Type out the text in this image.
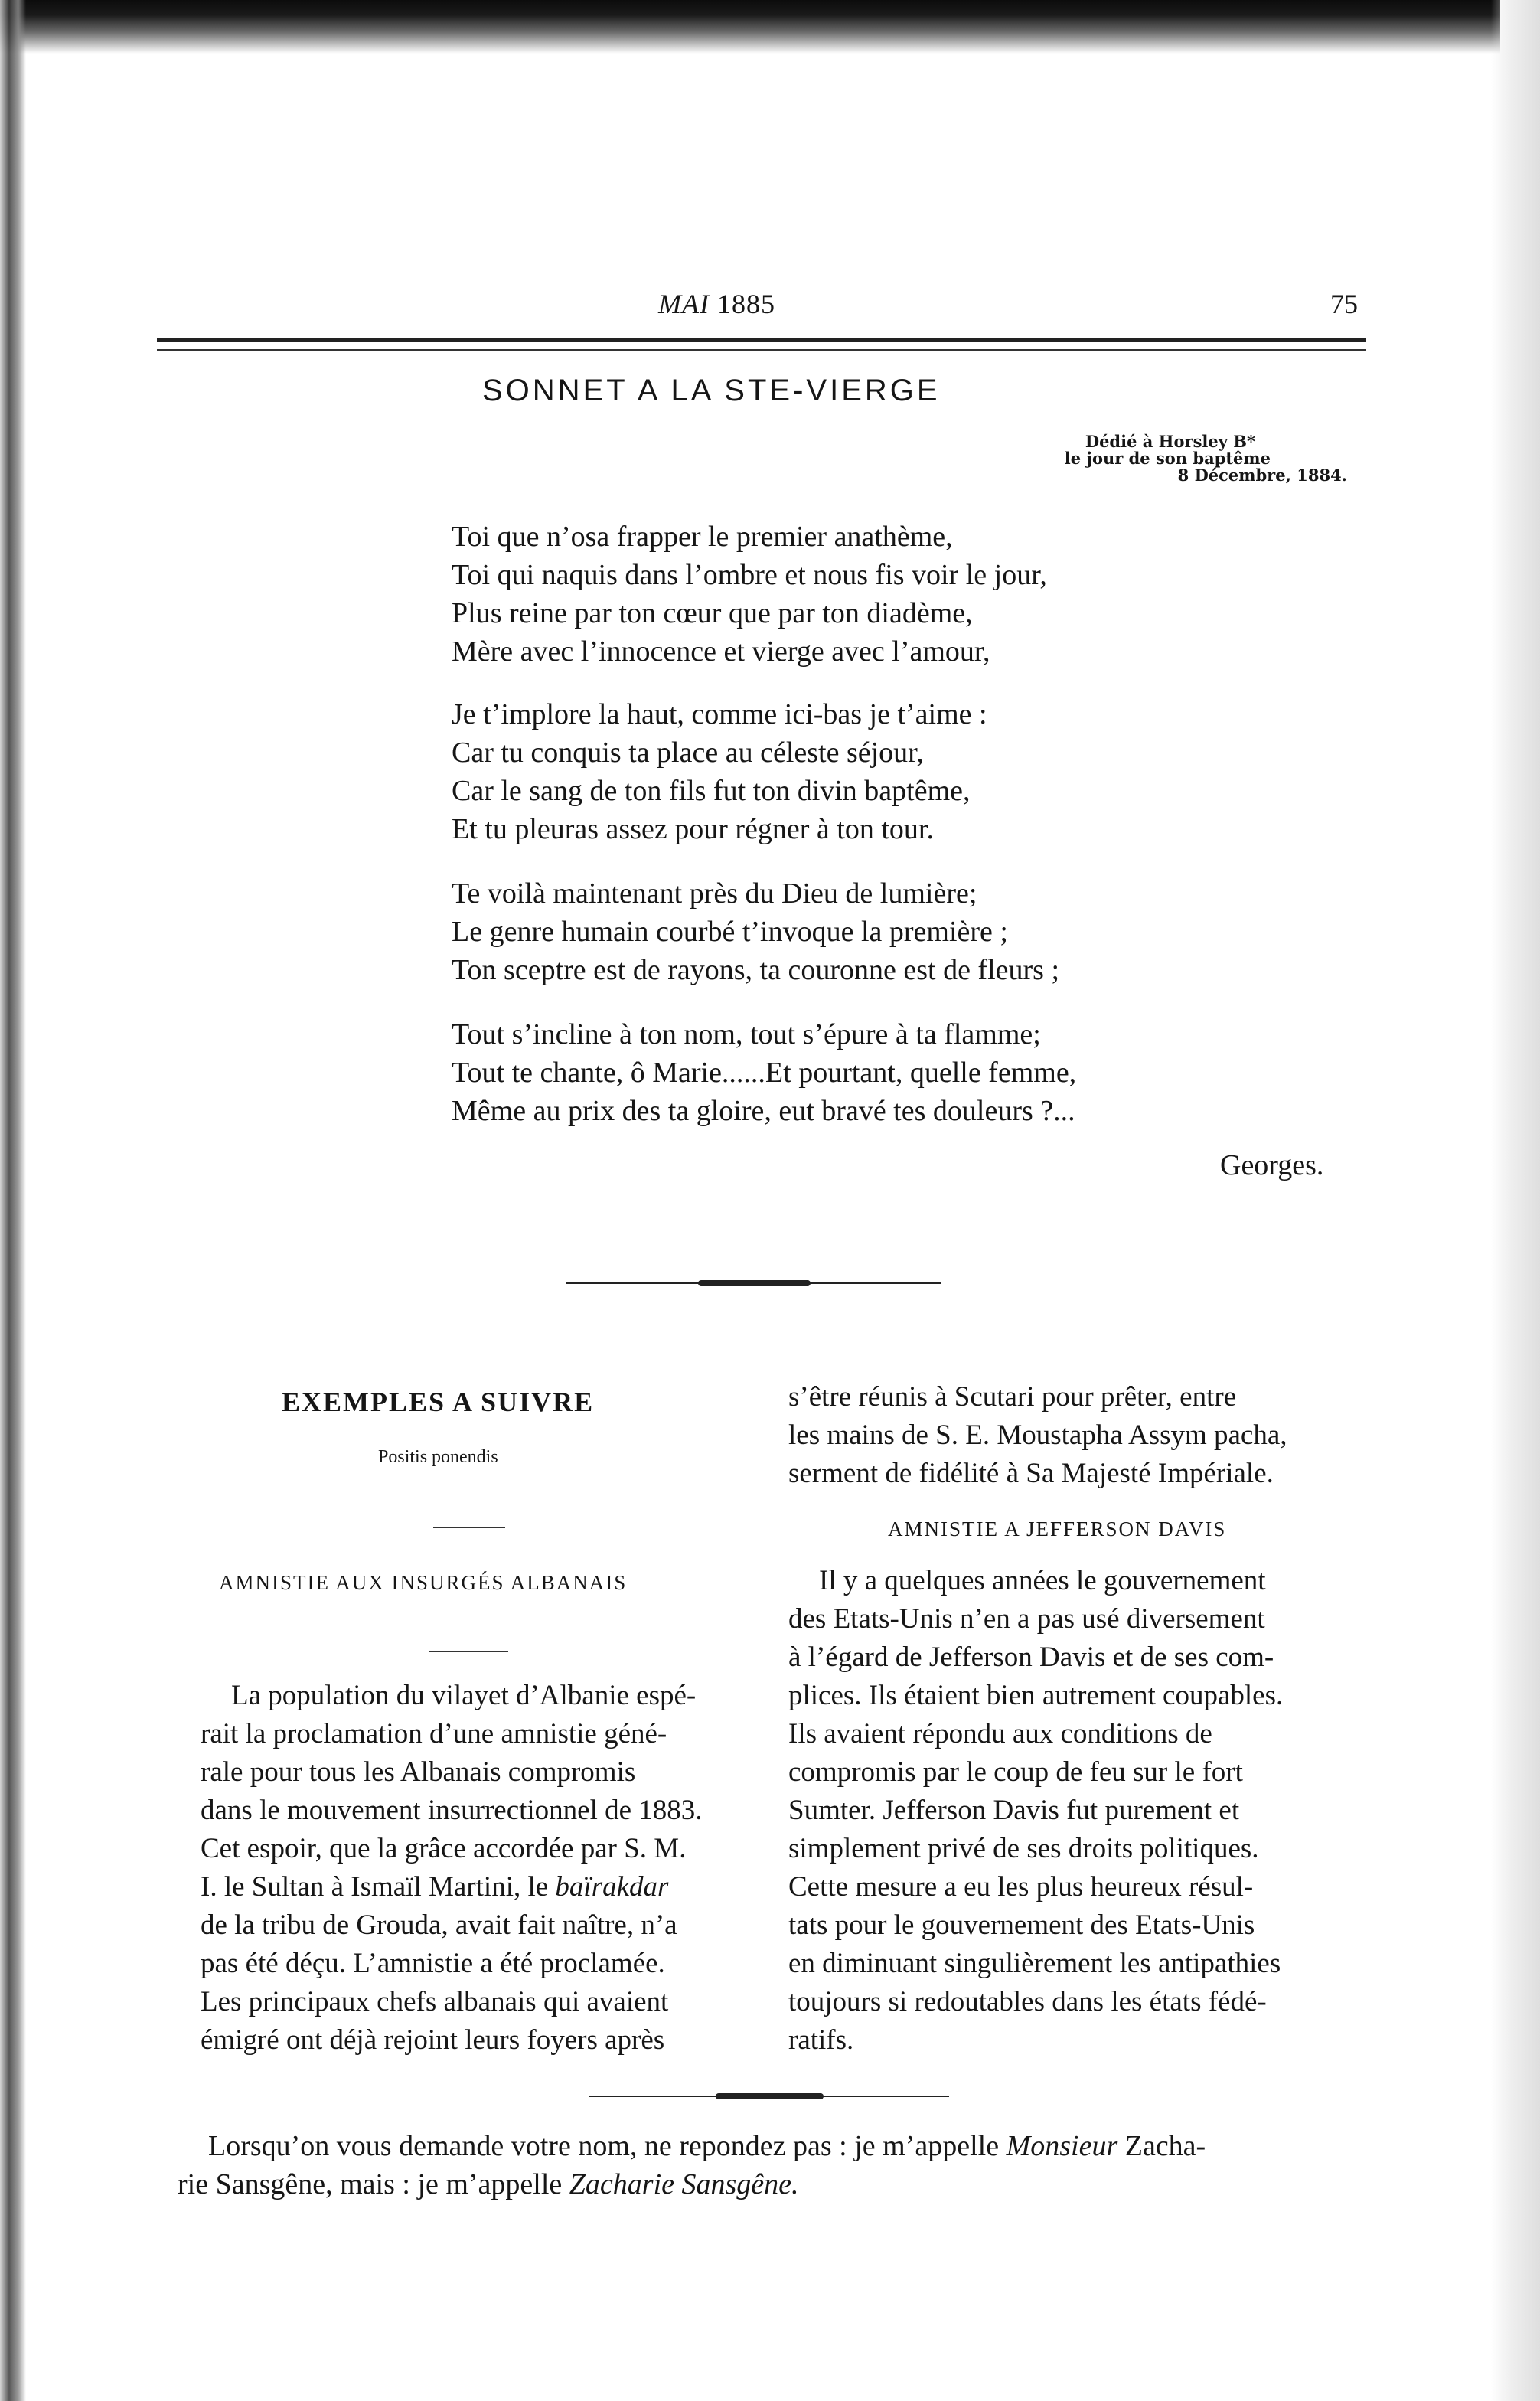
MAI 1885	75
SONNET A LA STE-VIERGE
Dédié à Horsley B*
le jour de son baptême
8 Décembre, 1884.
Toi que n’osa frapper le premier anathème,
Toi qui naquis dans l’ombre et nous fis voir le jour,
Plus reine par ton cœur que par ton diadème,
Mère avec l’innocence et vierge avec l’amour,
Je t’implore la haut, comme ici-bas je t’aime :
Car tu conquis ta place au céleste séjour,
Car le sang de ton fils fut ton divin baptême,
Et tu pleuras assez pour régner à ton tour.
Te voilà maintenant près du Dieu de lumière;
Le genre humain courbé t’invoque la première ;
Ton sceptre est de rayons, ta couronne est de fleurs ;
Tout s’incline à ton nom, tout s’épure à ta flamme;
Tout te chante, ô Marie......Et pourtant, quelle femme,
Même au prix des ta gloire, eut bravé tes douleurs ?...
Georges.
EXEMPLES A SUIVRE
Positis ponendis
AMNISTIE AUX INSURGÉS ALBANAIS
La population du vilayet d’Albanie espé-
rait la proclamation d’une amnistie géné-
rale pour tous les Albanais compromis
dans le mouvement insurrectionnel de 1883.
Cet espoir, que la grâce accordée par S. M.
I. le Sultan à Ismaïl Martini, le baïrakdar
de la tribu de Grouda, avait fait naître, n’a
pas été déçu. L’amnistie a été proclamée.
Les principaux chefs albanais qui avaient
émigré ont déjà rejoint leurs foyers après
s’être réunis à Scutari pour prêter, entre
les mains de S. E. Moustapha Assym pacha,
serment de fidélité à Sa Majesté Impériale.
AMNISTIE A JEFFERSON DAVIS
Il y a quelques années le gouvernement
des Etats-Unis n’en a pas usé diversement
à l’égard de Jefferson Davis et de ses com-
plices. Ils étaient bien autrement coupables.
Ils avaient répondu aux conditions de
compromis par le coup de feu sur le fort
Sumter. Jefferson Davis fut purement et
simplement privé de ses droits politiques.
Cette mesure a eu les plus heureux résul-
tats pour le gouvernement des Etats-Unis
en diminuant singulièrement les antipathies
toujours si redoutables dans les états fédé-
ratifs.
Lorsqu’on vous demande votre nom, ne repondez pas : je m’appelle Monsieur Zacha-
rie Sansgêne, mais : je m’appelle Zacharie Sansgêne.
